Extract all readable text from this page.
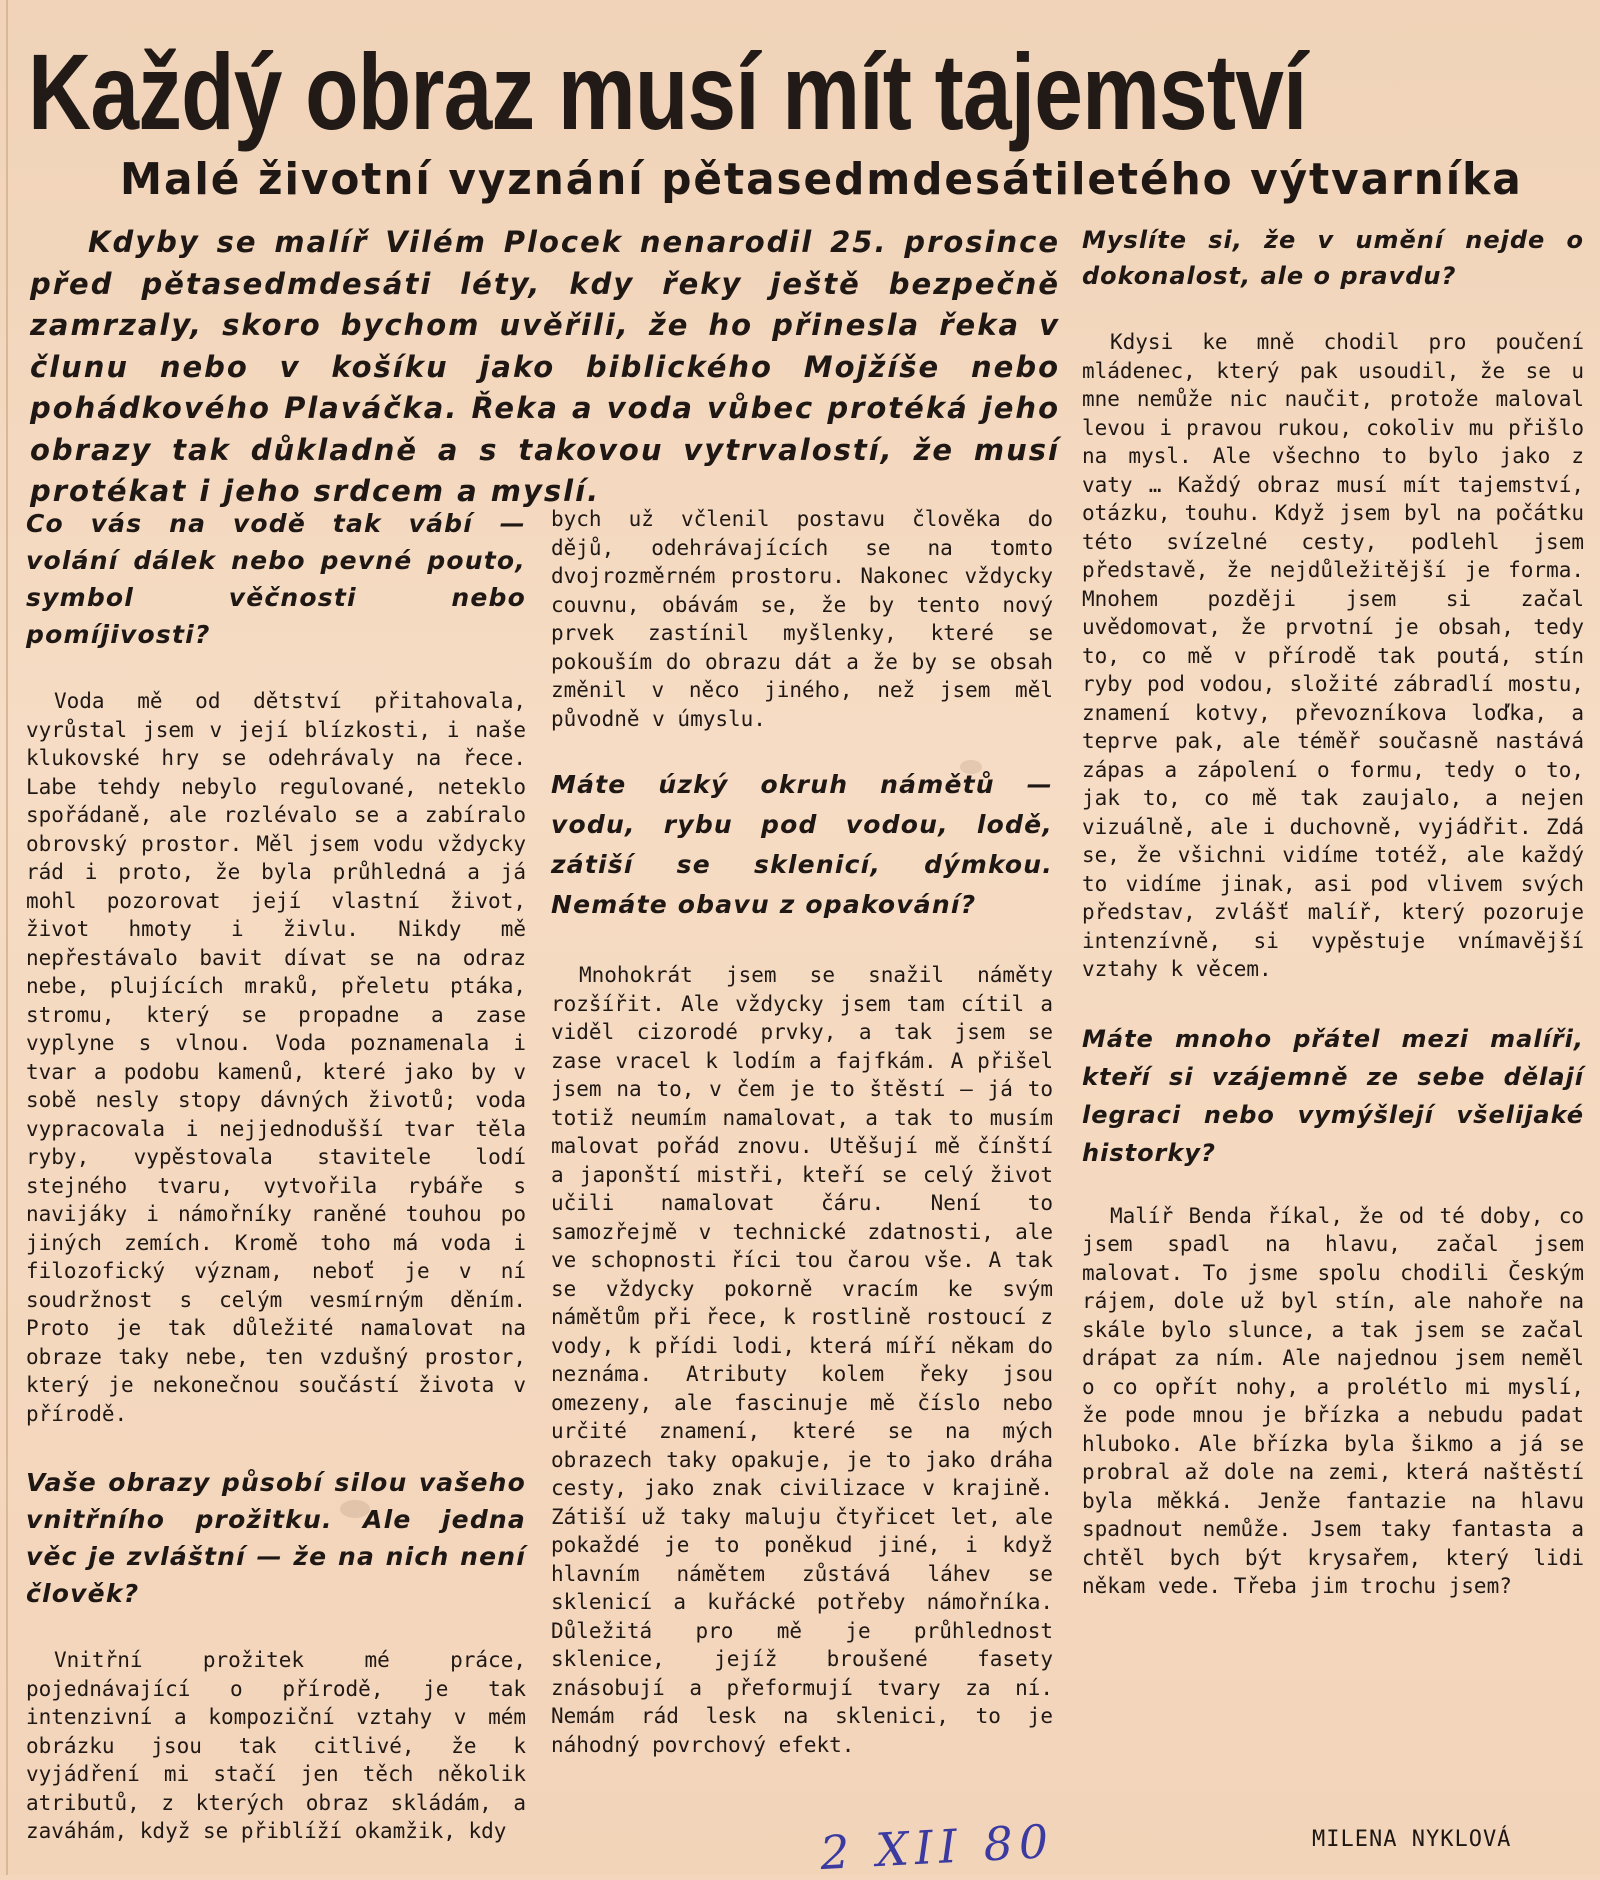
Každý obraz musí mít tajemství
Malé životní vyznání pětasedmdesátiletého výtvarníka

Kdyby se malíř Vilém Plocek nenarodil 25. prosince před pětasedmdesáti léty, kdy řeky ještě bezpečně zamrzaly, skoro bychom uvěřili, že ho přinesla řeka v člunu nebo v košíku jako biblického Mojžíše nebo pohádkového Plaváčka. Řeka a voda vůbec protéká jeho obrazy tak důkladně a s takovou vytrvalostí, že musí protékat i jeho srdcem a myslí.

Co vás na vodě tak vábí — volání dálek nebo pevné pouto, symbol věčnosti nebo pomíjivosti?

Voda mě od dětství přitahovala, vyrůstal jsem v její blízkosti, i naše klukovské hry se odehrávaly na řece. Labe tehdy nebylo regulované, neteklo spořádaně, ale rozlévalo se a zabíralo obrovský prostor. Měl jsem vodu vždycky rád i proto, že byla průhledná a já mohl pozorovat její vlastní život, život hmoty i živlu. Nikdy mě nepřestávalo bavit dívat se na odraz nebe, plujících mraků, přeletu ptáka, stromu, který se propadne a zase vyplyne s vlnou. Voda poznamenala i tvar a podobu kamenů, které jako by v sobě nesly stopy dávných životů; voda vypracovala i nejjednodušší tvar těla ryby, vypěstovala stavitele lodí stejného tvaru, vytvořila rybáře s navijáky i námořníky raněné touhou po jiných zemích. Kromě toho má voda i filozofický význam, neboť je v ní soudržnost s celým vesmírným děním. Proto je tak důležité namalovat na obraze taky nebe, ten vzdušný prostor, který je nekonečnou součástí života v přírodě.

Vaše obrazy působí silou vašeho vnitřního prožitku. Ale jedna věc je zvláštní — že na nich není člověk?

Vnitřní prožitek mé práce, pojednávající o přírodě, je tak intenzivní a kompoziční vztahy v mém obrázku jsou tak citlivé, že k vyjádření mi stačí jen těch několik atributů, z kterých obraz skládám, a zaváhám, když se přiblíží okamžik, kdy

bych už včlenil postavu člověka do dějů, odehrávajících se na tomto dvojrozměrném prostoru. Nakonec vždycky couvnu, obávám se, že by tento nový prvek zastínil myšlenky, které se pokouším do obrazu dát a že by se obsah změnil v něco jiného, než jsem měl původně v úmyslu.

Máte úzký okruh námětů — vodu, rybu pod vodou, lodě, zátiší se sklenicí, dýmkou. Nemáte obavu z opakování?

Mnohokrát jsem se snažil náměty rozšířit. Ale vždycky jsem tam cítil a viděl cizorodé prvky, a tak jsem se zase vracel k lodím a fajfkám. A přišel jsem na to, v čem je to štěstí — já to totiž neumím namalovat, a tak to musím malovat pořád znovu. Utěšují mě čínští a japonští mistři, kteří se celý život učili namalovat čáru. Není to samozřejmě v technické zdatnosti, ale ve schopnosti říci tou čarou vše. A tak se vždycky pokorně vracím ke svým námětům při řece, k rostlině rostoucí z vody, k přídi lodi, která míří někam do neznáma. Atributy kolem řeky jsou omezeny, ale fascinuje mě číslo nebo určité znamení, které se na mých obrazech taky opakuje, je to jako dráha cesty, jako znak civilizace v krajině. Zátiší už taky maluju čtyřicet let, ale pokaždé je to poněkud jiné, i když hlavním námětem zůstává láhev se sklenicí a kuřácké potřeby námořníka. Důležitá pro mě je průhlednost sklenice, jejíž broušené fasety znásobují a přeformují tvary za ní. Nemám rád lesk na sklenici, to je náhodný povrchový efekt.

Myslíte si, že v umění nejde o dokonalost, ale o pravdu?

Kdysi ke mně chodil pro poučení mládenec, který pak usoudil, že se u mne nemůže nic naučit, protože maloval levou i pravou rukou, cokoliv mu přišlo na mysl. Ale všechno to bylo jako z vaty … Každý obraz musí mít tajemství, otázku, touhu. Když jsem byl na počátku této svízelné cesty, podlehl jsem představě, že nejdůležitější je forma. Mnohem později jsem si začal uvědomovat, že prvotní je obsah, tedy to, co mě v přírodě tak poutá, stín ryby pod vodou, složité zábradlí mostu, znamení kotvy, převozníkova loďka, a teprve pak, ale téměř současně nastává zápas a zápolení o formu, tedy o to, jak to, co mě tak zaujalo, a nejen vizuálně, ale i duchovně, vyjádřit. Zdá se, že všichni vidíme totéž, ale každý to vidíme jinak, asi pod vlivem svých představ, zvlášť malíř, který pozoruje intenzívně, si vypěstuje vnímavější vztahy k věcem.

Máte mnoho přátel mezi malíři, kteří si vzájemně ze sebe dělají legraci nebo vymýšlejí všelijaké historky?

Malíř Benda říkal, že od té doby, co jsem spadl na hlavu, začal jsem malovat. To jsme spolu chodili Českým rájem, dole už byl stín, ale nahoře na skále bylo slunce, a tak jsem se začal drápat za ním. Ale najednou jsem neměl o co opřít nohy, a prolétlo mi myslí, že pode mnou je břízka a nebudu padat hluboko. Ale břízka byla šikmo a já se probral až dole na zemi, která naštěstí byla měkká. Jenže fantazie na hlavu spadnout nemůže. Jsem taky fantasta a chtěl bych být krysařem, který lidi někam vede. Třeba jim trochu jsem?

MILENA NYKLOVÁ
2 XII 80
